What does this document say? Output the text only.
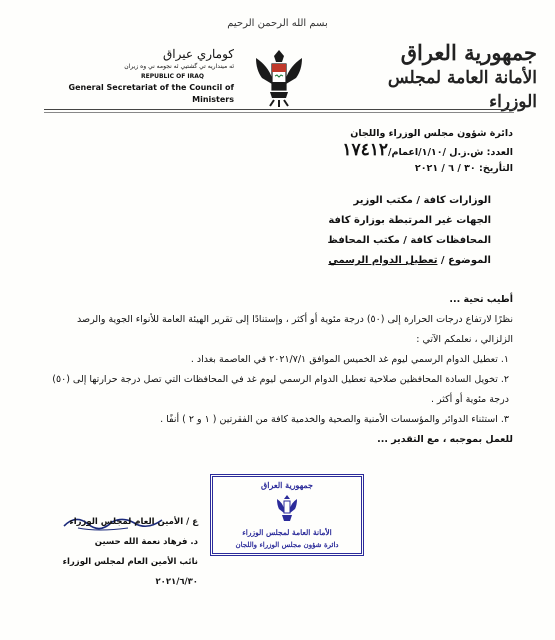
بسم الله الرحمن الرحيم
جمهورية العراق
الأمانة العامة لمجلس الوزراء
كوماري عيراق
ئه مينداريه تي گشتيي ئه نجومه ني وه زيران
REPUBLIC OF IRAQ
General Secretariat of the Council of Ministers
دائرة شؤون مجلس الوزراء واللجان
العدد: ش.ز.ل /١/١٠/اعمام/١٧٤١٢
التأريخ: ٣٠ / ٦ / ٢٠٢١
الوزارات كافة / مكتب الوزير
الجهات غير المرتبطة بوزارة كافة
المحافظات كافة / مكتب المحافظ
الموضوع / تعطيل الدوام الرسمي

أطيب تحية ...

نظرًا لارتفاع درجات الحرارة إلى (٥٠) درجة مئوية أو أكثر ، وإستنادًا إلى تقرير الهيئة العامة للأنواء الجوية والرصد الزلزالي ، نعلمكم الآتي :

١. تعطيل الدوام الرسمي ليوم غد الخميس الموافق ٢٠٢١/٧/١ في العاصمة بغداد .

٢. تخويل السادة المحافظين صلاحية تعطيل الدوام الرسمي ليوم غد في المحافظات التي تصل درجة حرارتها إلى (٥٠) درجة مئوية أو أكثر .

٣. استثناء الدوائر والمؤسسات الأمنية والصحية والخدمية كافة من الفقرتين ( ١ و ٢ ) أنفًا .

للعمل بموجبه ، مع التقدير ...

جمهورية العراق
الأمانة العامة لمجلس الوزراء
دائرة شؤون مجلس الوزراء واللجان
ع / الأمين العام لمجلس الوزراء
د. فرهاد نعمة الله حسين
نائب الأمين العام لمجلس الوزراء
٢٠٢١/٦/٣٠
